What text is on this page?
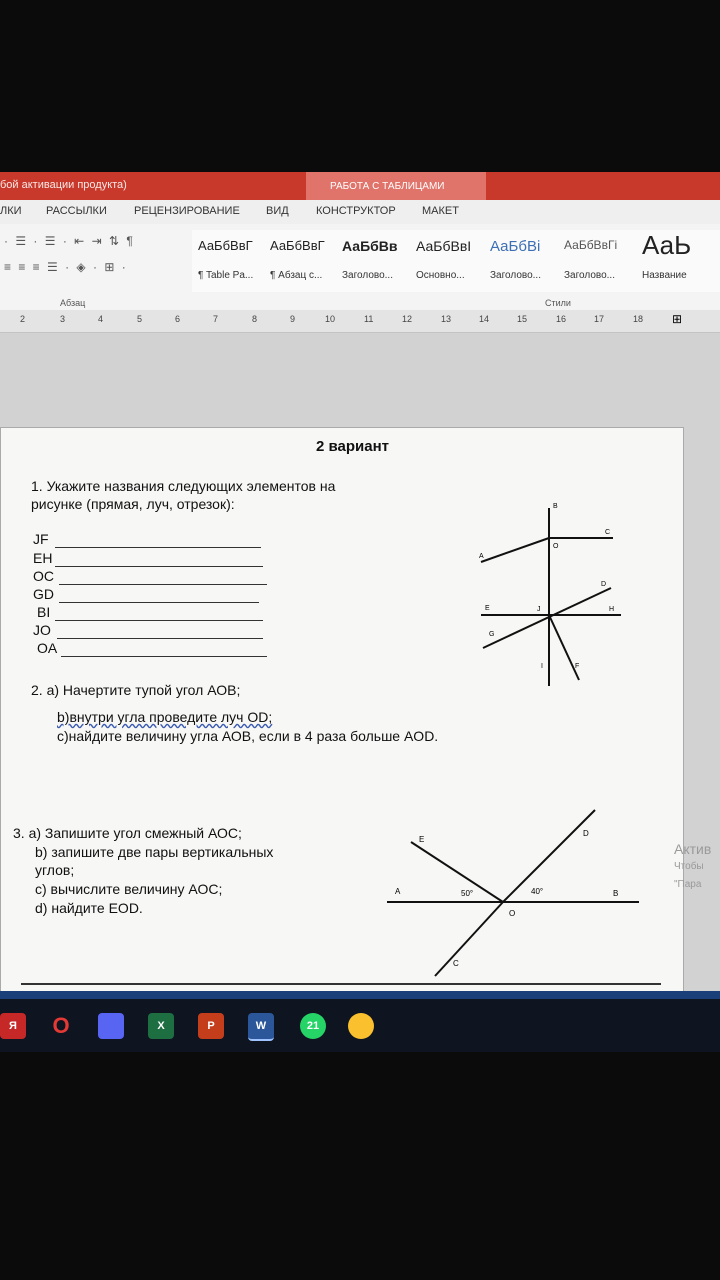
бой активации продукта)	РАБОТА С ТАБЛИЦАМИ
ЛКИ РАССЫЛКИ РЕЦЕНЗИРОВАНИЕ ВИД КОНСТРУКТОР МАКЕТ
· ☰ · ☰ · ⇤ ⇥ ⇅ ¶
≡ ≡ ≡ ☰ · ◈ · ⊞ ·
Абзац	Стили
АаБбВвГ
¶ Table Pa...
АаБбВвГ
¶ Абзац с...
АаБбВв
Заголово...
АаБбВвІ
Основно...
АаБбВі
Заголово...
АаБбВвГі
Заголово...
АаЬ
Название
2	3	4	5	6	7	8	9	10	11	12	13	14	15	16	17	18 ⊞
2 вариант
1. Укажите названия следующих элементов на
рисунке (прямая, луч, отрезок):
JF
EH
OC
GD
BI
JO
OA
B
C
O
A
D
E	J	H
G
I	F
2. а) Начертите тупой угол АОВ;
b)внутри угла проведите луч OD;
c)найдите величину угла АОВ, если в 4 раза больше AOD.
3. а) Запишите угол смежный АОС;
b) запишите две пары вертикальных
углов;
c) вычислите величину АОС;
d) найдите EOD.
E
D
A	B
O
C
50°	40°
Актив
Чтобы
"Пара
Я O	X	P	W	21
